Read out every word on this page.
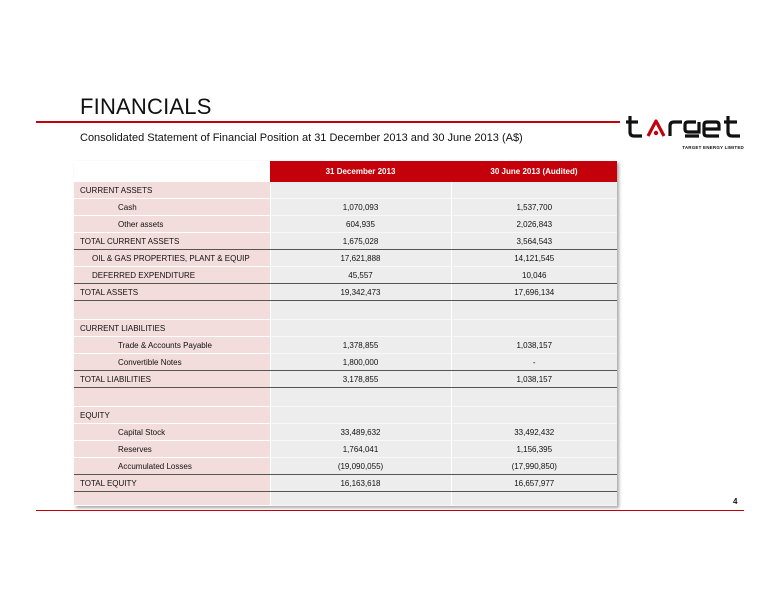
FINANCIALS
Consolidated Statement of Financial Position at 31 December 2013 and 30 June 2013 (A$)
TARGET ENERGY LIMITED
	31 December 2013	30 June 2013 (Audited)
CURRENT ASSETS		
Cash	1,070,093	1,537,700
Other assets	604,935	2,026,843
TOTAL CURRENT ASSETS	1,675,028	3,564,543
OIL & GAS PROPERTIES, PLANT & EQUIP	17,621,888	14,121,545
DEFERRED EXPENDITURE	45,557	10,046
TOTAL ASSETS	19,342,473	17,696,134

CURRENT LIABILITIES		
Trade & Accounts Payable	1,378,855	1,038,157
Convertible Notes	1,800,000	-
TOTAL LIABILITIES	3,178,855	1,038,157

EQUITY		
Capital Stock	33,489,632	33,492,432
Reserves	1,764,041	1,156,395
Accumulated Losses	(19,090,055)	(17,990,850)
TOTAL EQUITY	16,163,618	16,657,977

4
